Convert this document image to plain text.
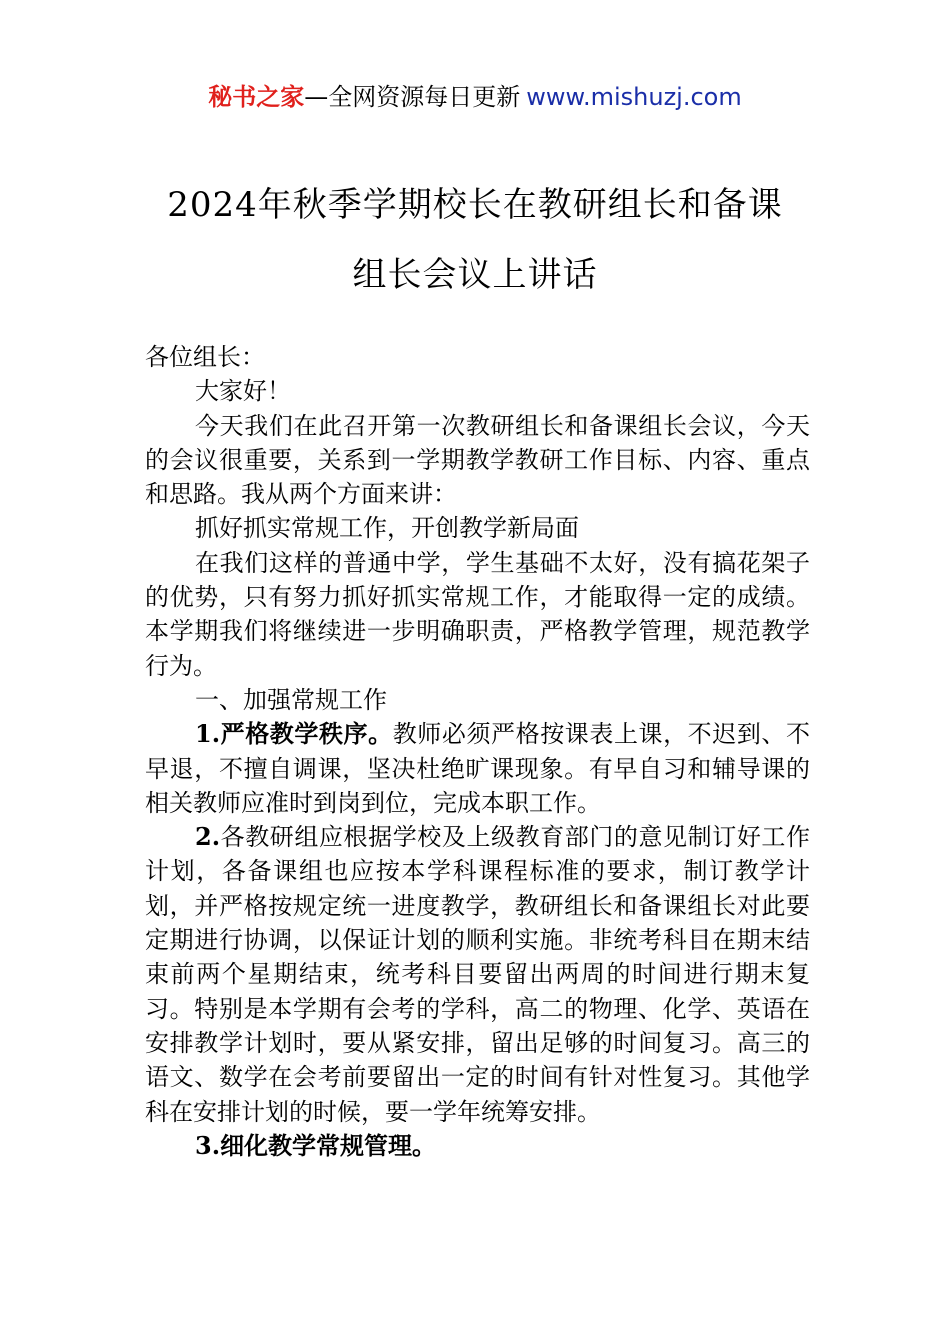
秘书之家—全网资源每日更新 www.mishuzj.com
2024年秋季学期校长在教研组长和备课
组长会议上讲话

各位组长：

大家好！

今天我们在此召开第一次教研组长和备课组长会议，今天的会议很重要，关系到一学期教学教研工作目标、内容、重点和思路。我从两个方面来讲：

抓好抓实常规工作，开创教学新局面

在我们这样的普通中学，学生基础不太好，没有搞花架子的优势，只有努力抓好抓实常规工作，才能取得一定的成绩。本学期我们将继续进一步明确职责，严格教学管理，规范教学行为。

一、加强常规工作

1.严格教学秩序。教师必须严格按课表上课，不迟到、不早退，不擅自调课，坚决杜绝旷课现象。有早自习和辅导课的相关教师应准时到岗到位，完成本职工作。

2.各教研组应根据学校及上级教育部门的意见制订好工作计划，各备课组也应按本学科课程标准的要求，制订教学计划，并严格按规定统一进度教学，教研组长和备课组长对此要定期进行协调，以保证计划的顺利实施。非统考科目在期末结束前两个星期结束，统考科目要留出两周的时间进行期末复习。特别是本学期有会考的学科，高二的物理、化学、英语在安排教学计划时，要从紧安排，留出足够的时间复习。高三的语文、数学在会考前要留出一定的时间有针对性复习。其他学科在安排计划的时候，要一学年统筹安排。

3.细化教学常规管理。
